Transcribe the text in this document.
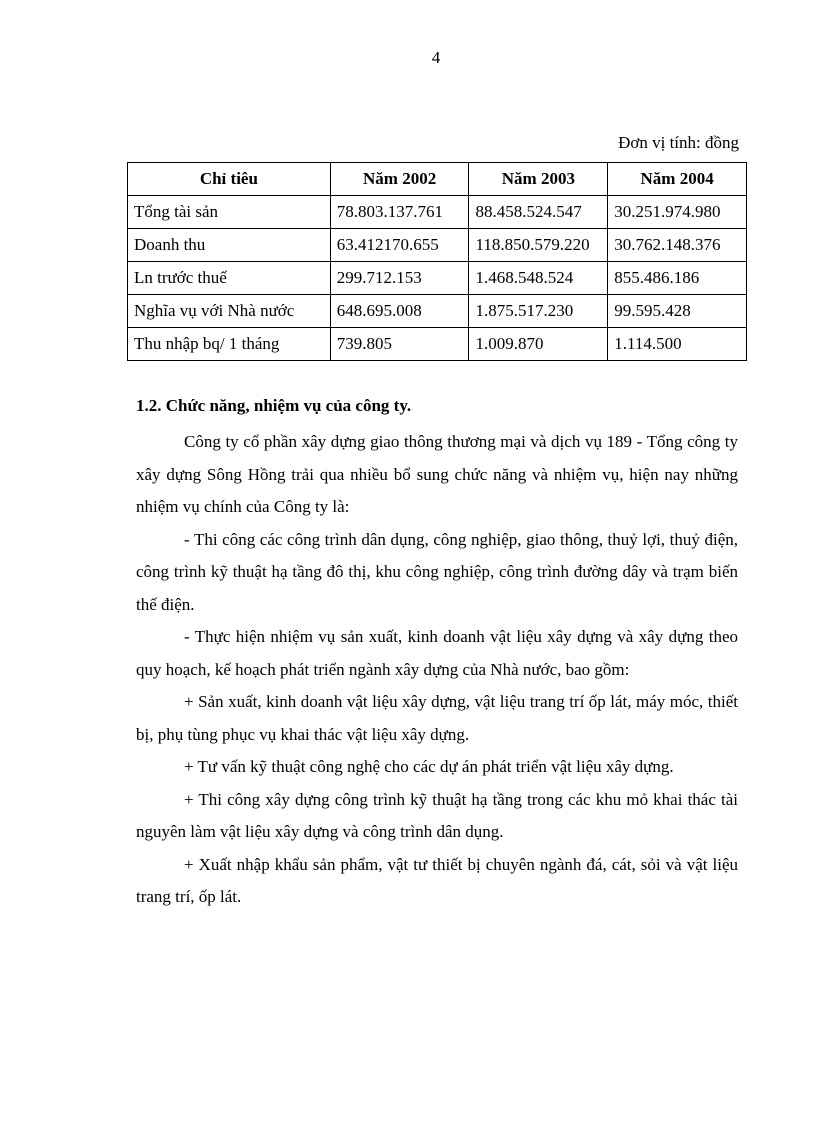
4
Đơn vị tính: đồng
Chỉ tiêu	Năm 2002	Năm 2003	Năm 2004
Tổng tài sản	78.803.137.761	88.458.524.547	30.251.974.980
Doanh thu	63.412170.655	118.850.579.220	30.762.148.376
Ln trước thuế	299.712.153	1.468.548.524	855.486.186
Nghĩa vụ với Nhà nước	648.695.008	1.875.517.230	99.595.428
Thu nhập bq/ 1 tháng	739.805	1.009.870	1.114.500
1.2. Chức năng, nhiệm vụ của công ty.

Công ty cổ phần xây dựng giao thông thương mại và dịch vụ 189 - Tổng công ty xây dựng Sông Hồng trải qua nhiều bổ sung chức năng và nhiệm vụ, hiện nay những nhiệm vụ chính của Công ty là:

- Thi công các công trình dân dụng, công nghiệp, giao thông, thuỷ lợi, thuỷ điện, công trình kỹ thuật hạ tầng đô thị, khu công nghiệp, công trình đường dây và trạm biến thế điện.

- Thực hiện nhiệm vụ sản xuất, kinh doanh vật liệu xây dựng và xây dựng theo quy hoạch, kế hoạch phát triển ngành xây dựng của Nhà nước, bao gồm:

+ Sản xuất, kinh doanh vật liệu xây dựng, vật liệu trang trí ốp lát, máy móc, thiết bị, phụ tùng phục vụ khai thác vật liệu xây dựng.

+ Tư vấn kỹ thuật công nghệ cho các dự án phát triển vật liệu xây dựng.

+ Thi công xây dựng công trình kỹ thuật hạ tầng trong các khu mỏ khai thác tài nguyên làm vật liệu xây dựng và công trình dân dụng.

+ Xuất nhập khẩu sản phẩm, vật tư thiết bị chuyên ngành đá, cát, sỏi và vật liệu trang trí, ốp lát.
